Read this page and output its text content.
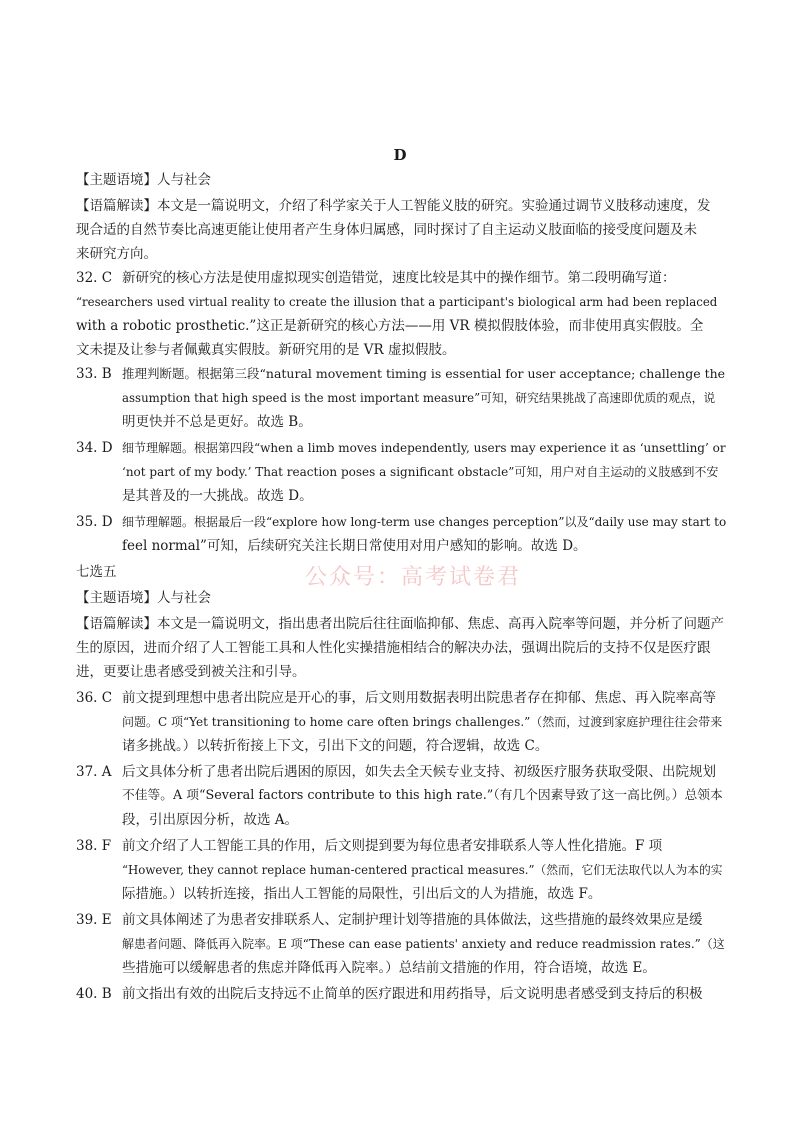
D
【主题语境】人与社会
【语篇解读】本文是一篇说明文，介绍了科学家关于人工智能义肢的研究。实验通过调节义肢移动速度，发
现合适的自然节奏比高速更能让使用者产生身体归属感，同时探讨了自主运动义肢面临的接受度问题及未
来研究方向。
32. C 新研究的核心方法是使用虚拟现实创造错觉，速度比较是其中的操作细节。第二段明确写道：
“researchers used virtual reality to create the illusion that a participant's biological arm had been replaced
with a robotic prosthetic.”这正是新研究的核心方法——用 VR 模拟假肢体验，而非使用真实假肢。全
文未提及让参与者佩戴真实假肢。新研究用的是 VR 虚拟假肢。
33. B 推理判断题。根据第三段“natural movement timing is essential for user acceptance; challenge the
assumption that high speed is the most important measure”可知，研究结果挑战了高速即优质的观点，说
明更快并不总是更好。故选 B。
34. D 细节理解题。根据第四段“when a limb moves independently, users may experience it as ‘unsettling’ or
‘not part of my body.’ That reaction poses a significant obstacle”可知，用户对自主运动的义肢感到不安
是其普及的一大挑战。故选 D。
35. D 细节理解题。根据最后一段“explore how long-term use changes perception”以及“daily use may start to
feel normal”可知，后续研究关注长期日常使用对用户感知的影响。故选 D。
公众号：高考试卷君
七选五
【主题语境】人与社会
【语篇解读】本文是一篇说明文，指出患者出院后往往面临抑郁、焦虑、高再入院率等问题，并分析了问题产
生的原因，进而介绍了人工智能工具和人性化实操措施相结合的解决办法，强调出院后的支持不仅是医疗跟
进，更要让患者感受到被关注和引导。
36. C 前文提到理想中患者出院应是开心的事，后文则用数据表明出院患者存在抑郁、焦虑、再入院率高等
问题。C 项“Yet transitioning to home care often brings challenges.”（然而，过渡到家庭护理往往会带来
诸多挑战。）以转折衔接上下文，引出下文的问题，符合逻辑，故选 C。
37. A 后文具体分析了患者出院后遇困的原因，如失去全天候专业支持、初级医疗服务获取受限、出院规划
不佳等。A 项“Several factors contribute to this high rate.”（有几个因素导致了这一高比例。）总领本
段，引出原因分析，故选 A。
38. F 前文介绍了人工智能工具的作用，后文则提到要为每位患者安排联系人等人性化措施。F 项
“However, they cannot replace human-centered practical measures.”（然而，它们无法取代以人为本的实
际措施。）以转折连接，指出人工智能的局限性，引出后文的人为措施，故选 F。
39. E 前文具体阐述了为患者安排联系人、定制护理计划等措施的具体做法，这些措施的最终效果应是缓
解患者问题、降低再入院率。E 项“These can ease patients' anxiety and reduce readmission rates.”（这
些措施可以缓解患者的焦虑并降低再入院率。）总结前文措施的作用，符合语境，故选 E。
40. B 前文指出有效的出院后支持远不止简单的医疗跟进和用药指导，后文说明患者感受到支持后的积极
